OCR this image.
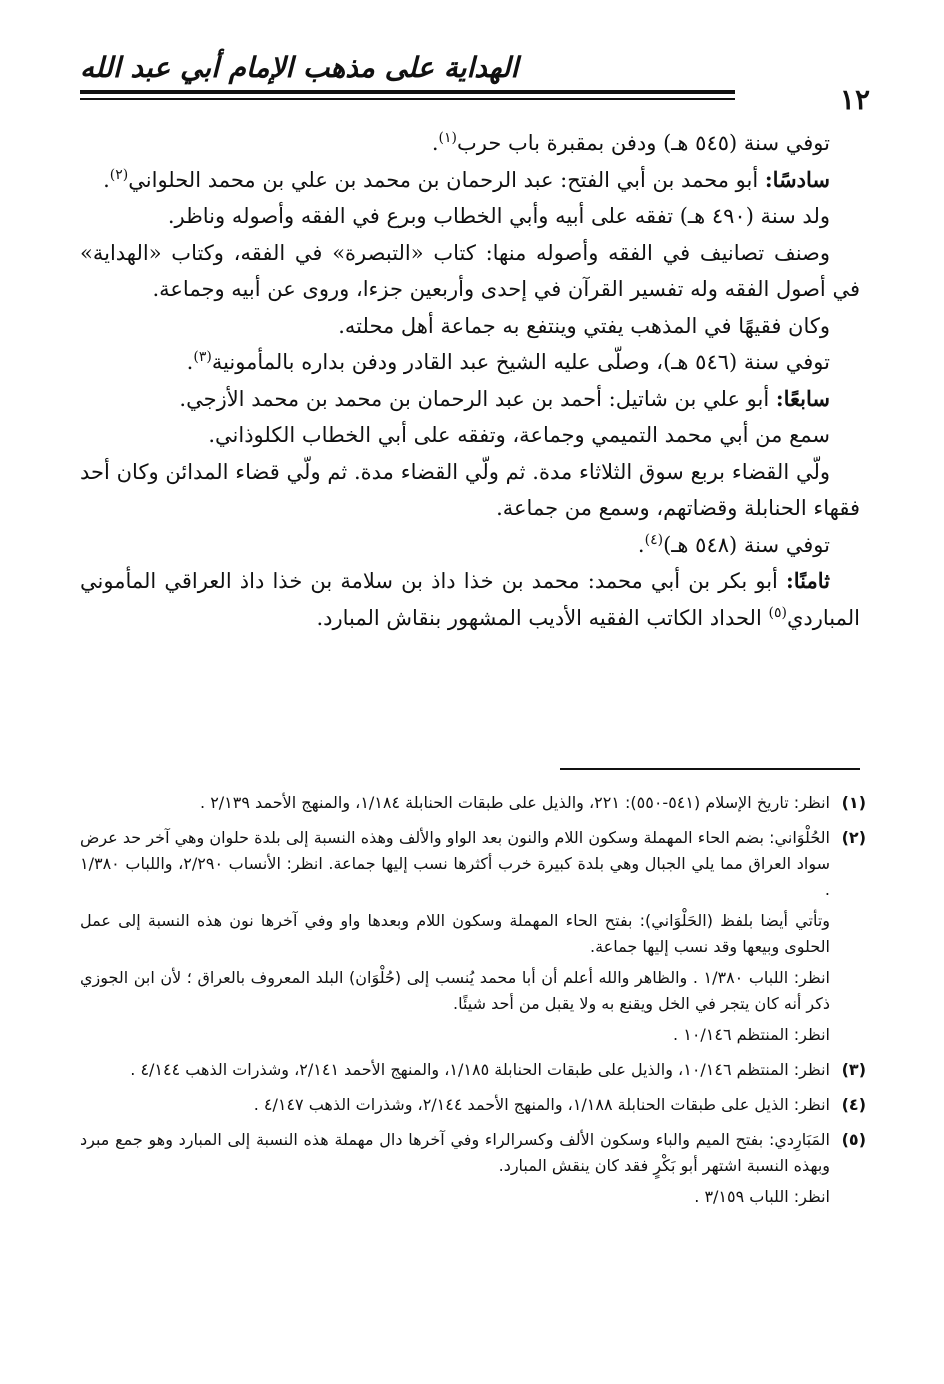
الهداية على مذهب الإمام أبي عبد الله
١٢

توفي سنة (٥٤٥ هـ) ودفن بمقبرة باب حرب$^{(١)}$.

سادسًا: أبو محمد بن أبي الفتح: عبد الرحمان بن محمد بن علي بن محمد الحلواني$^{(٢)}$.

ولد سنة (٤٩٠ هـ) تفقه على أبيه وأبي الخطاب وبرع في الفقه وأصوله وناظر.

وصنف تصانيف في الفقه وأصوله منها: كتاب «التبصرة» في الفقه، وكتاب «الهداية» في أصول الفقه وله تفسير القرآن في إحدى وأربعين جزءا، وروى عن أبيه وجماعة.

وكان فقيهًا في المذهب يفتي وينتفع به جماعة أهل محلته.

توفي سنة (٥٤٦ هـ)، وصلّى عليه الشيخ عبد القادر ودفن بداره بالمأمونية$^{(٣)}$.

سابعًا: أبو علي بن شاتيل: أحمد بن عبد الرحمان بن محمد بن محمد الأزجي.

سمع من أبي محمد التميمي وجماعة، وتفقه على أبي الخطاب الكلوذاني.

ولّي القضاء بربع سوق الثلاثاء مدة. ثم ولّي القضاء مدة. ثم ولّي قضاء المدائن وكان أحد فقهاء الحنابلة وقضاتهم، وسمع من جماعة.

توفي سنة (٥٤٨ هـ)$^{(٤)}$.

ثامنًا: أبو بكر بن أبي محمد: محمد بن خذا داذ بن سلامة بن خذا داذ العراقي المأموني المباردي$^{(٥)}$ الحداد الكاتب الفقيه الأديب المشهور بنقاش المبارد.

(١)
انظر: تاريخ الإسلام (٥٤١-٥٥٠): ٢٢١، والذيل على طبقات الحنابلة ١/١٨٤، والمنهج الأحمد ٢/١٣٩ .
(٢)
الحُلْوَاني: بضم الحاء المهملة وسكون اللام والنون بعد الواو والألف وهذه النسبة إلى بلدة حلوان وهي آخر حد عرض سواد العراق مما يلي الجبال وهي بلدة كبيرة خرب أكثرها نسب إليها جماعة. انظر: الأنساب ٢/٢٩٠، واللباب ١/٣٨٠ .
وتأتي أيضا بلفظ (الحَلْوَاني): بفتح الحاء المهملة وسكون اللام وبعدها واو وفي آخرها نون هذه النسبة إلى عمل الحلوى وبيعها وقد نسب إليها جماعة.
انظر: اللباب ١/٣٨٠ . والظاهر والله أعلم أن أبا محمد يُنسب إلى (حُلْوَان) البلد المعروف بالعراق ؛ لأن ابن الجوزي ذكر أنه كان يتجر في الخل ويقنع به ولا يقبل من أحد شيئًا.
انظر: المنتظم ١٠/١٤٦ .
(٣)
انظر: المنتظم ١٠/١٤٦، والذيل على طبقات الحنابلة ١/١٨٥، والمنهج الأحمد ٢/١٤١، وشذرات الذهب ٤/١٤٤ .
(٤)
انظر: الذيل على طبقات الحنابلة ١/١٨٨، والمنهج الأحمد ٢/١٤٤، وشذرات الذهب ٤/١٤٧ .
(٥)
المَبَارِدي: بفتح الميم والباء وسكون الألف وكسرالراء وفي آخرها دال مهملة هذه النسبة إلى المبارد وهو جمع مبرد وبهذه النسبة اشتهر أبو بَكْرٍ فقد كان ينقش المبارد.
انظر: اللباب ٣/١٥٩ .
